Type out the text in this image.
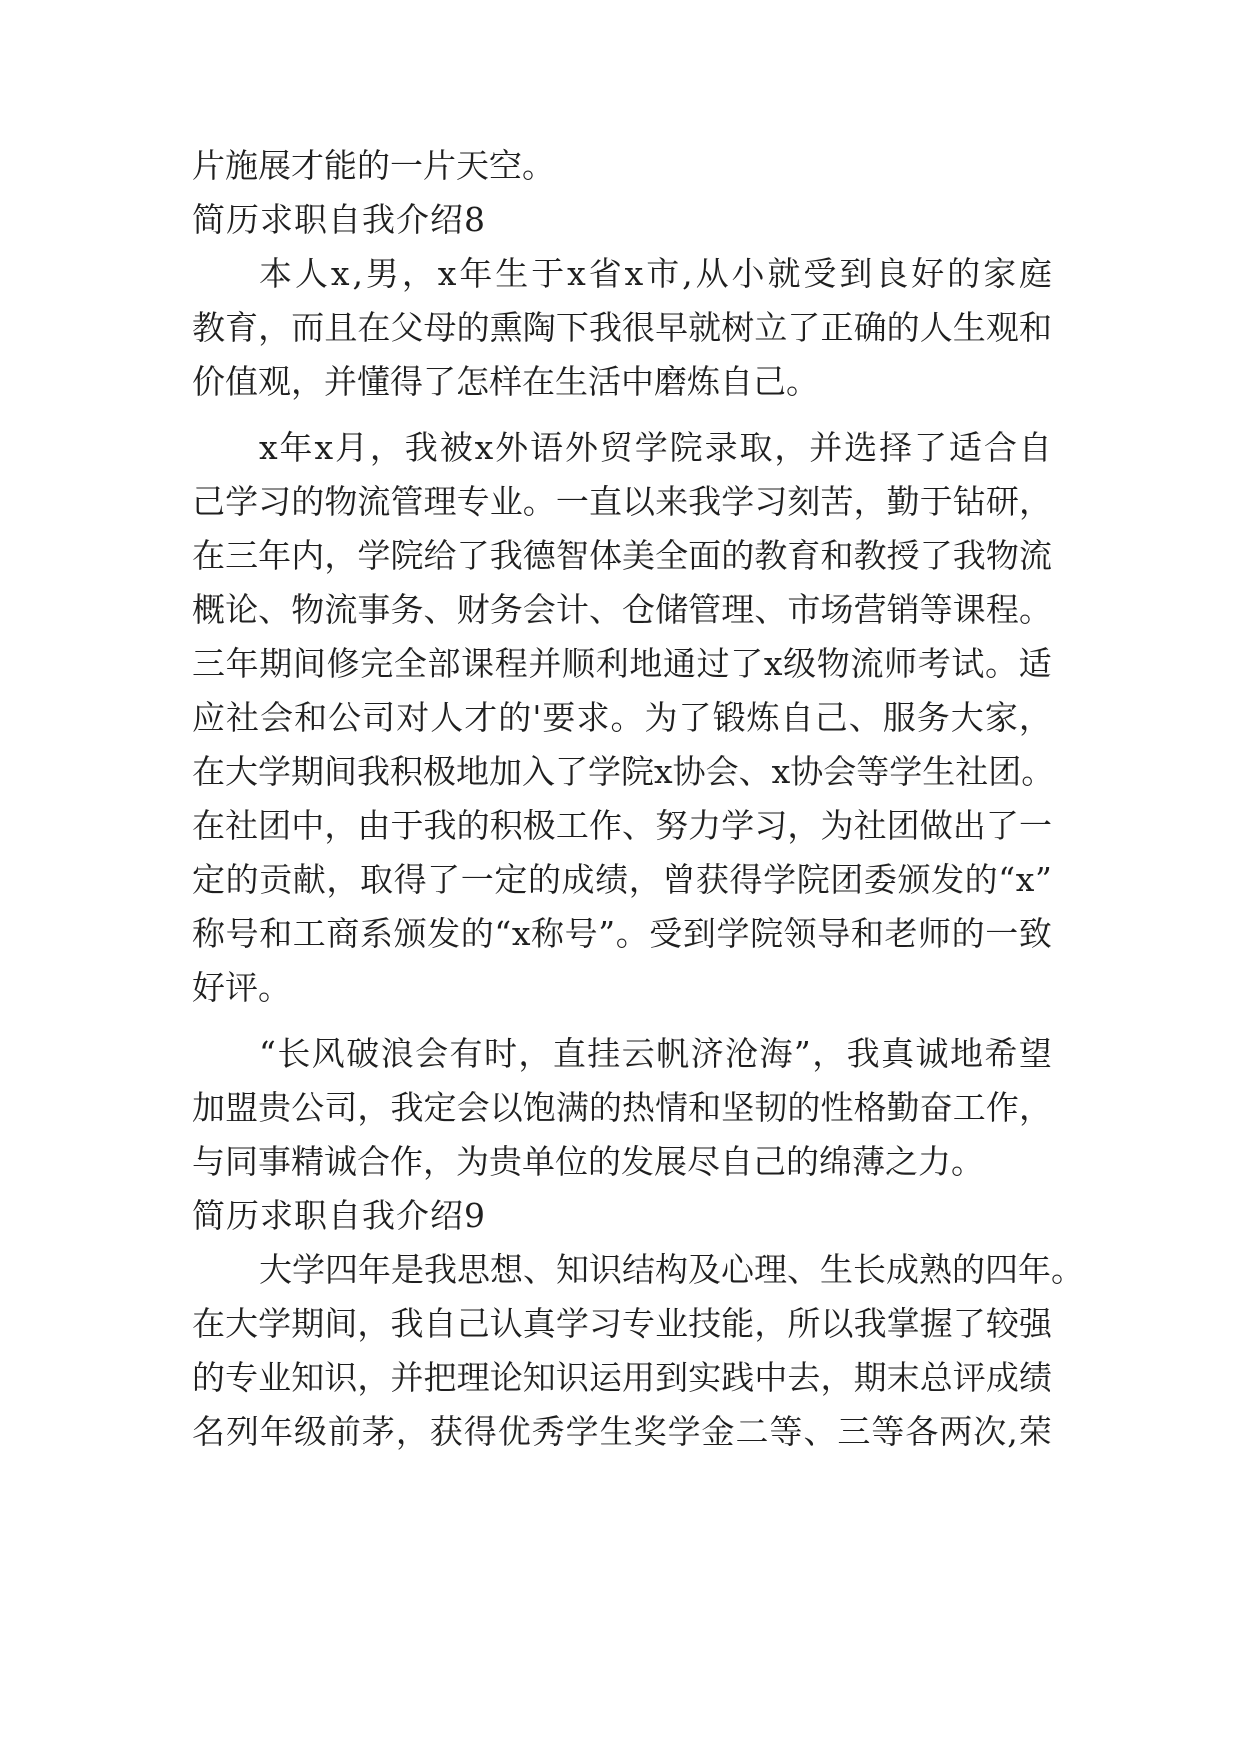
片施展才能的一片天空。
简历求职自我介绍8
本 人 x , 男 ， x 年 生 于 x 省 x 市 , 从 小 就 受 到 良 好 的 家 庭
教 育 ， 而 且 在 父 母 的 熏 陶 下 我 很 早 就 树 立 了 正 确 的 人 生 观 和
价值观，并懂得了怎样在生活中磨炼自己。
x 年 x 月 ， 我 被 x 外 语 外 贸 学 院 录 取 ， 并 选 择 了 适 合 自
己 学 习 的 物 流 管 理 专 业 。 一 直 以 来 我 学 习 刻 苦 ， 勤 于 钻 研 ，
在 三 年 内 ， 学 院 给 了 我 德 智 体 美 全 面 的 教 育 和 教 授 了 我 物 流
概 论 、 物 流 事 务 、 财 务 会 计 、 仓 储 管 理 、 市 场 营 销 等 课 程 。
三 年 期 间 修 完 全 部 课 程 并 顺 利 地 通 过 了 x 级 物 流 师 考 试 。 适
应 社 会 和 公 司 对 人 才 的 ' 要 求 。 为 了 锻 炼 自 己 、 服 务 大 家 ，
在 大 学 期 间 我 积 极 地 加 入 了 学 院 x 协 会 、 x 协 会 等 学 生 社 团 。
在 社 团 中 ， 由 于 我 的 积 极 工 作 、 努 力 学 习 ， 为 社 团 做 出 了 一
定 的 贡 献 ， 取 得 了 一 定 的 成 绩 ， 曾 获 得 学 院 团 委 颁 发 的 “ x ”
称 号 和 工 商 系 颁 发 的 “ x 称 号 ” 。 受 到 学 院 领 导 和 老 师 的 一 致
好评。
“ 长 风 破 浪 会 有 时 ， 直 挂 云 帆 济 沧 海 ” ， 我 真 诚 地 希 望
加 盟 贵 公 司 ， 我 定 会 以 饱 满 的 热 情 和 坚 韧 的 性 格 勤 奋 工 作 ，
与同事精诚合作，为贵单位的发展尽自己的绵薄之力。
简历求职自我介绍9
大 学 四 年 是 我 思 想 、 知 识 结 构 及 心 理 、 生 长 成 熟 的 四 年 。
在 大 学 期 间 ， 我 自 己 认 真 学 习 专 业 技 能 ， 所 以 我 掌 握 了 较 强
的 专 业 知 识 ， 并 把 理 论 知 识 运 用 到 实 践 中 去 ， 期 末 总 评 成 绩
名 列 年 级 前 茅 ， 获 得 优 秀 学 生 奖 学 金 二 等 、 三 等 各 两 次 , 荣
